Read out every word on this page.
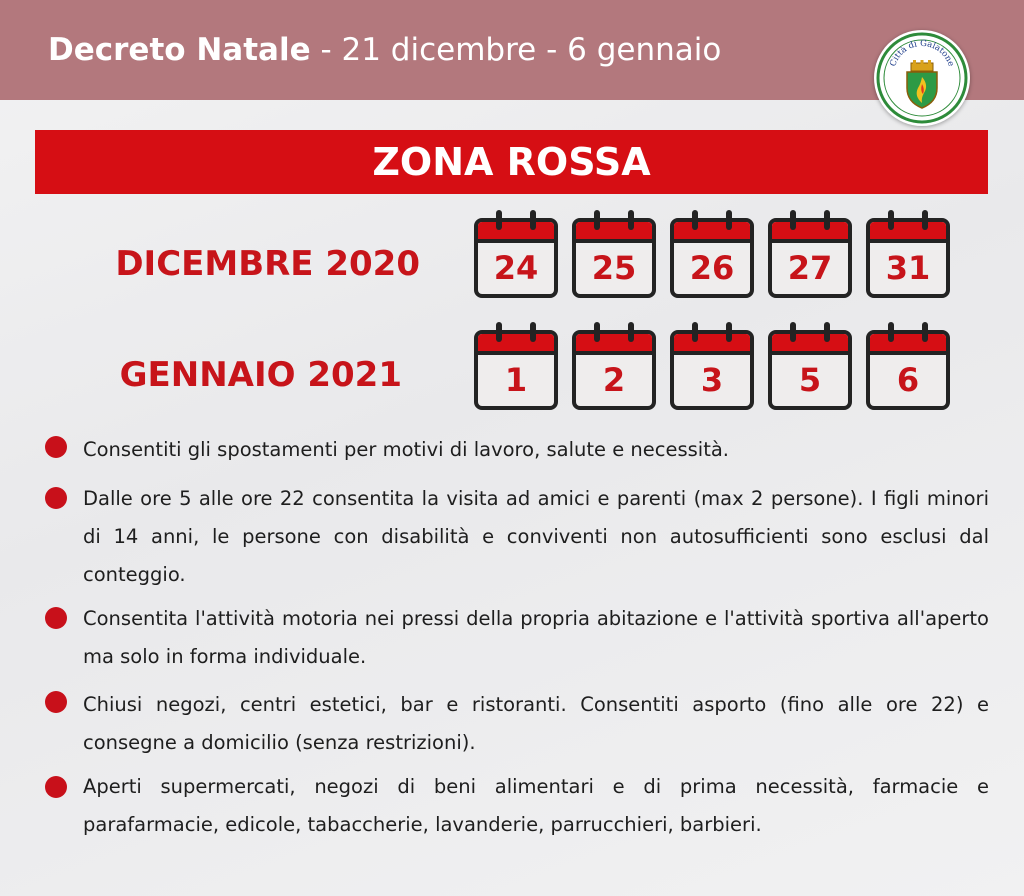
Decreto Natale - 21 dicembre - 6 gennaio	Città di Galatone
ZONA ROSSA
DICEMBRE 2020
GENNAIO 2021
24	25	26	27	31
1	2	3	5	6
Consentiti gli spostamenti per motivi di lavoro, salute e necessità.
Dalle ore 5 alle ore 22 consentita la visita ad amici e parenti (max 2 persone). I figli minori di 14 anni, le persone con disabilità e conviventi non autosufficienti sono esclusi dal conteggio.
Consentita l'attività motoria nei pressi della propria abitazione e l'attività sportiva all'aperto ma solo in forma individuale.
Chiusi negozi, centri estetici, bar e ristoranti. Consentiti asporto (fino alle ore 22) e consegne a domicilio (senza restrizioni).
Aperti supermercati, negozi di beni alimentari e di prima necessità, farmacie e parafarmacie, edicole, tabaccherie, lavanderie, parrucchieri, barbieri.
